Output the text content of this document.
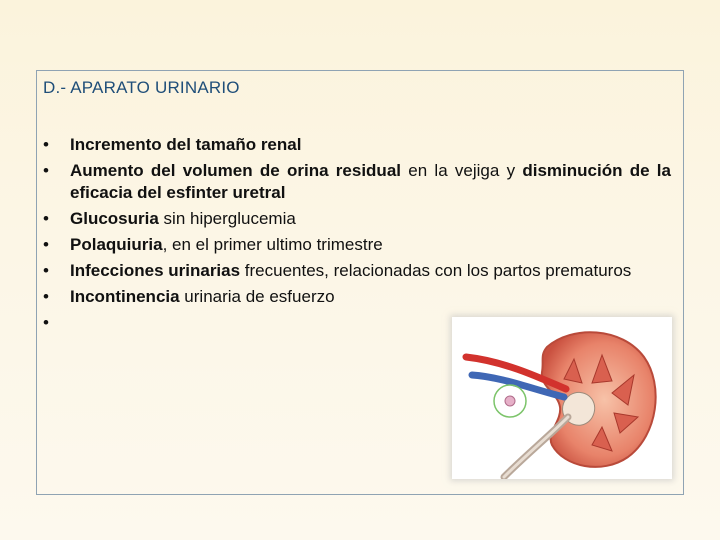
D.- APARATO URINARIO
• Incremento del tamaño renal
• Aumento del volumen de orina residual en la vejiga y disminución de la eficacia del esfinter uretral
• Glucosuria sin hiperglucemia
• Polaquiuria, en el primer ultimo trimestre
• Infecciones urinarias frecuentes, relacionadas con los partos prematuros
• Incontinencia urinaria de esfuerzo
•
